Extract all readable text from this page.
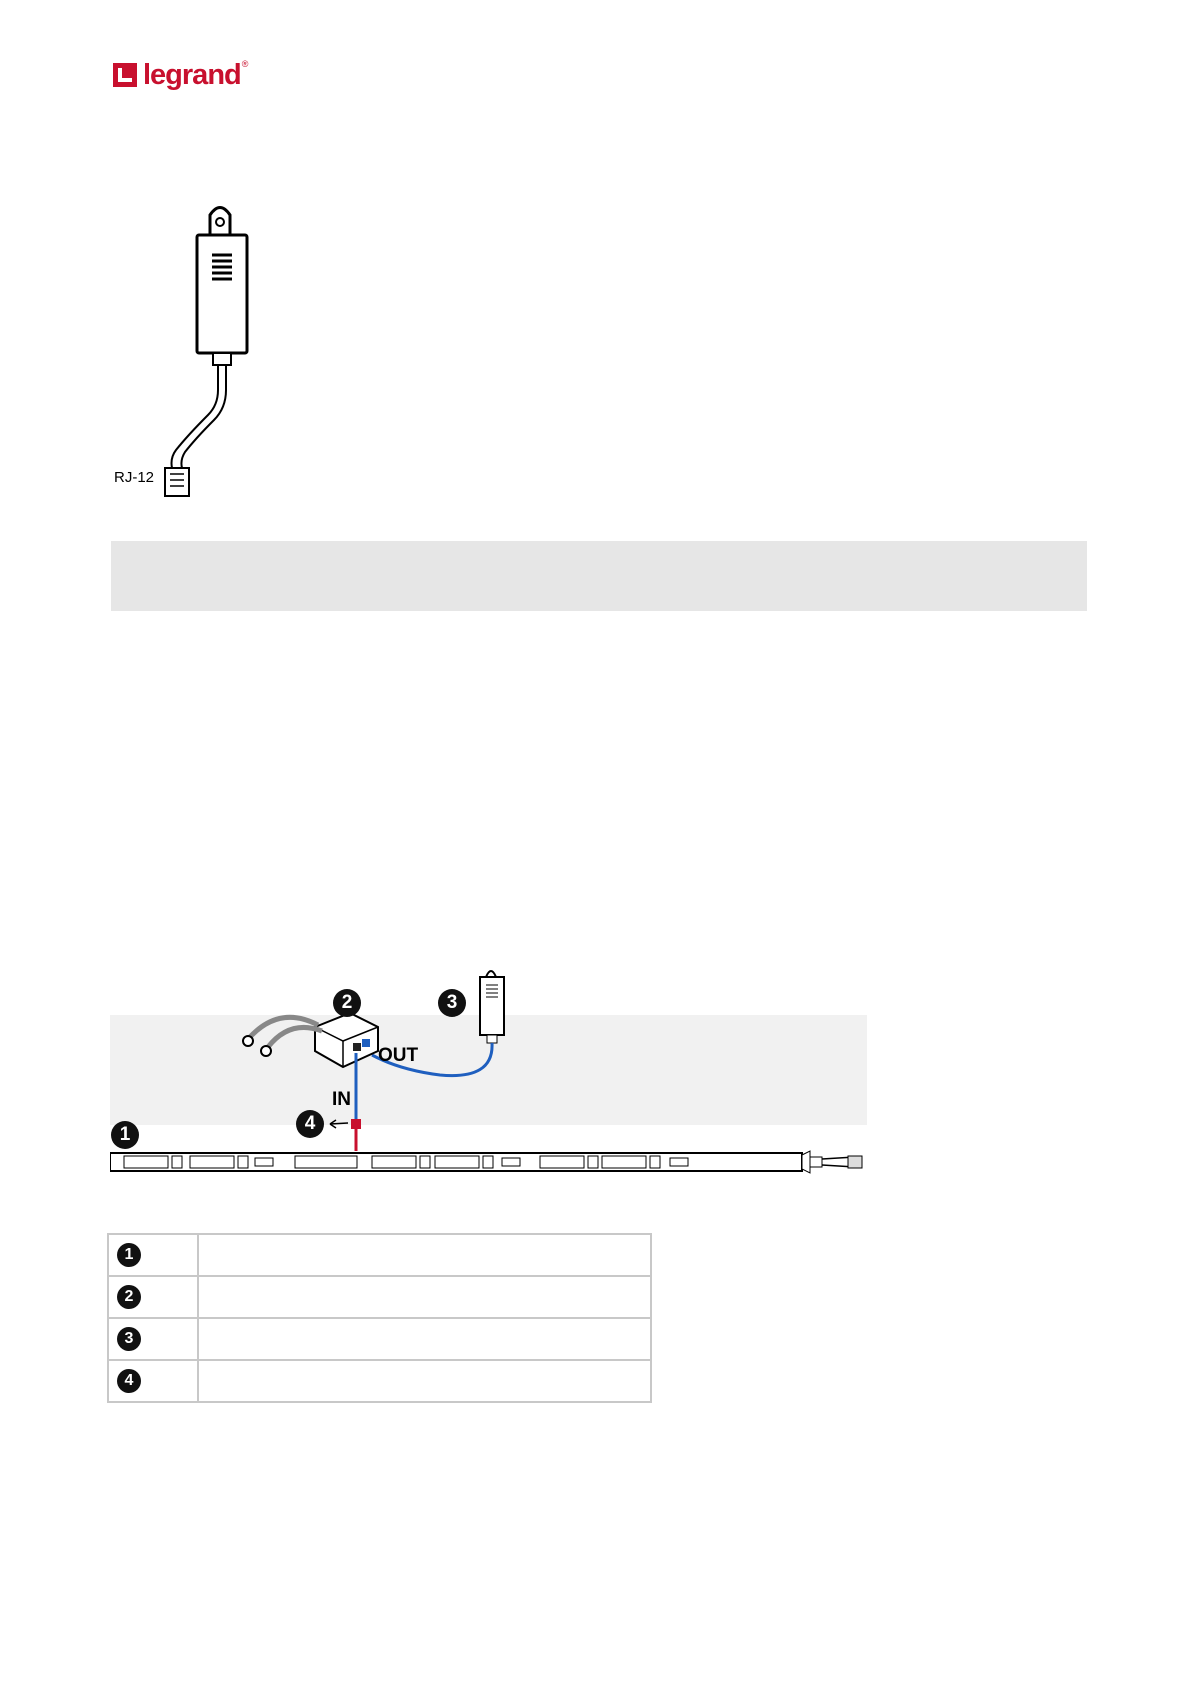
legrand ®
RJ-12
2	3
4
1
OUT
IN
1	

2	

3	

4	
